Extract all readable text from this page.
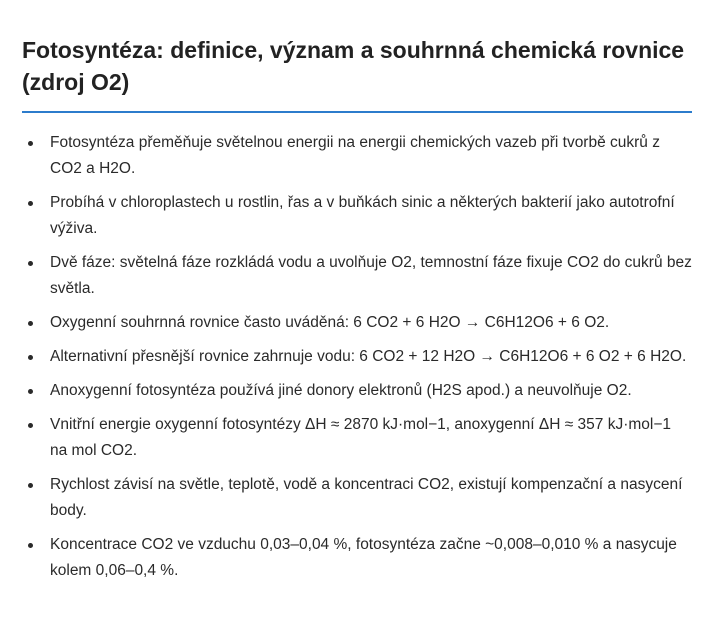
Fotosyntéza: definice, význam a souhrnná chemická rovnice (zdroj O2)
Fotosyntéza přeměňuje světelnou energii na energii chemických vazeb při tvorbě cukrů z CO2 a H2O.
Probíhá v chloroplastech u rostlin, řas a v buňkách sinic a některých bakterií jako autotrofní výživa.
Dvě fáze: světelná fáze rozkládá vodu a uvolňuje O2, temnostní fáze fixuje CO2 do cukrů bez světla.
Oxygenní souhrnná rovnice často uváděná: 6 CO2 + 6 H2O → C6H12O6 + 6 O2.
Alternativní přesnější rovnice zahrnuje vodu: 6 CO2 + 12 H2O → C6H12O6 + 6 O2 + 6 H2O.
Anoxygenní fotosyntéza používá jiné donory elektronů (H2S apod.) a neuvolňuje O2.
Vnitřní energie oxygenní fotosyntézy ΔH ≈ 2870 kJ·mol−1, anoxygenní ΔH ≈ 357 kJ·mol−1 na mol CO2.
Rychlost závisí na světle, teplotě, vodě a koncentraci CO2, existují kompenzační a nasycení body.
Koncentrace CO2 ve vzduchu 0,03–0,04 %, fotosyntéza začne ~0,008–0,010 % a nasycuje kolem 0,06–0,4 %.
